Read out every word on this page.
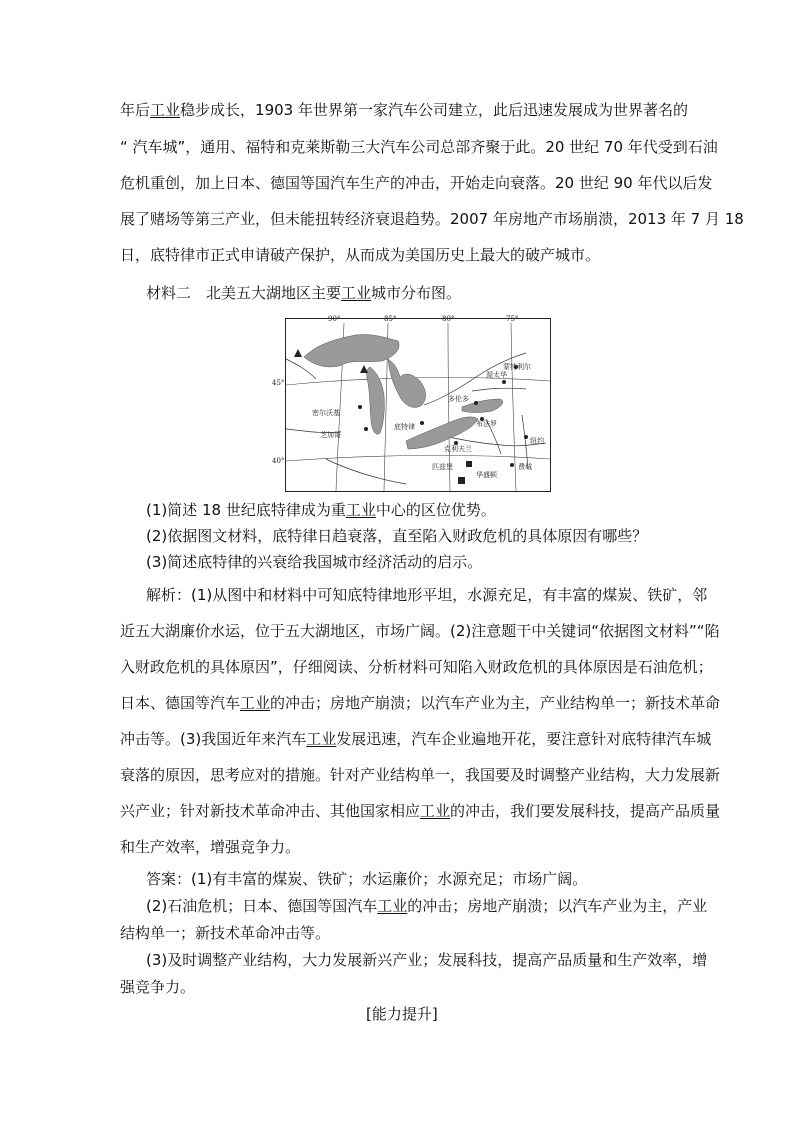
年后工业稳步成长，1903 年世界第一家汽车公司建立，此后迅速发展成为世界著名的
“ 汽车城”，通用、福特和克莱斯勒三大汽车公司总部齐聚于此。20 世纪 70 年代受到石油
危机重创，加上日本、德国等国汽车生产的冲击，开始走向衰落。20 世纪 90 年代以后发
展了赌场等第三产业，但未能扭转经济衰退趋势。2007 年房地产市场崩溃，2013 年 7 月 18
日，底特律市正式申请破产保护，从而成为美国历史上最大的破产城市。
材料二　北美五大湖地区主要工业城市分布图。
90°	85°	80°	75°
45°
40°
蒙特利尔
渥太华
多伦多
布法罗
密尔沃基
芝加哥
底特律
克利夫兰
匹兹堡
华盛顿
纽约
费城
(1)简述 18 世纪底特律成为重工业中心的区位优势。
(2)依据图文材料，底特律日趋衰落，直至陷入财政危机的具体原因有哪些？
(3)简述底特律的兴衰给我国城市经济活动的启示。
解析：(1)从图中和材料中可知底特律地形平坦，水源充足，有丰富的煤炭、铁矿，邻
近五大湖廉价水运，位于五大湖地区，市场广阔。(2)注意题干中关键词“依据图文材料”“陷
入财政危机的具体原因”，仔细阅读、分析材料可知陷入财政危机的具体原因是石油危机；
日本、德国等汽车工业的冲击；房地产崩溃；以汽车产业为主，产业结构单一；新技术革命
冲击等。(3)我国近年来汽车工业发展迅速，汽车企业遍地开花，要注意针对底特律汽车城
衰落的原因，思考应对的措施。针对产业结构单一，我国要及时调整产业结构，大力发展新
兴产业；针对新技术革命冲击、其他国家相应工业的冲击，我们要发展科技，提高产品质量
和生产效率，增强竞争力。
答案：(1)有丰富的煤炭、铁矿；水运廉价；水源充足；市场广阔。
(2)石油危机；日本、德国等国汽车工业的冲击；房地产崩溃；以汽车产业为主，产业
结构单一；新技术革命冲击等。
(3)及时调整产业结构，大力发展新兴产业；发展科技，提高产品质量和生产效率，增
强竞争力。
[能力提升]
